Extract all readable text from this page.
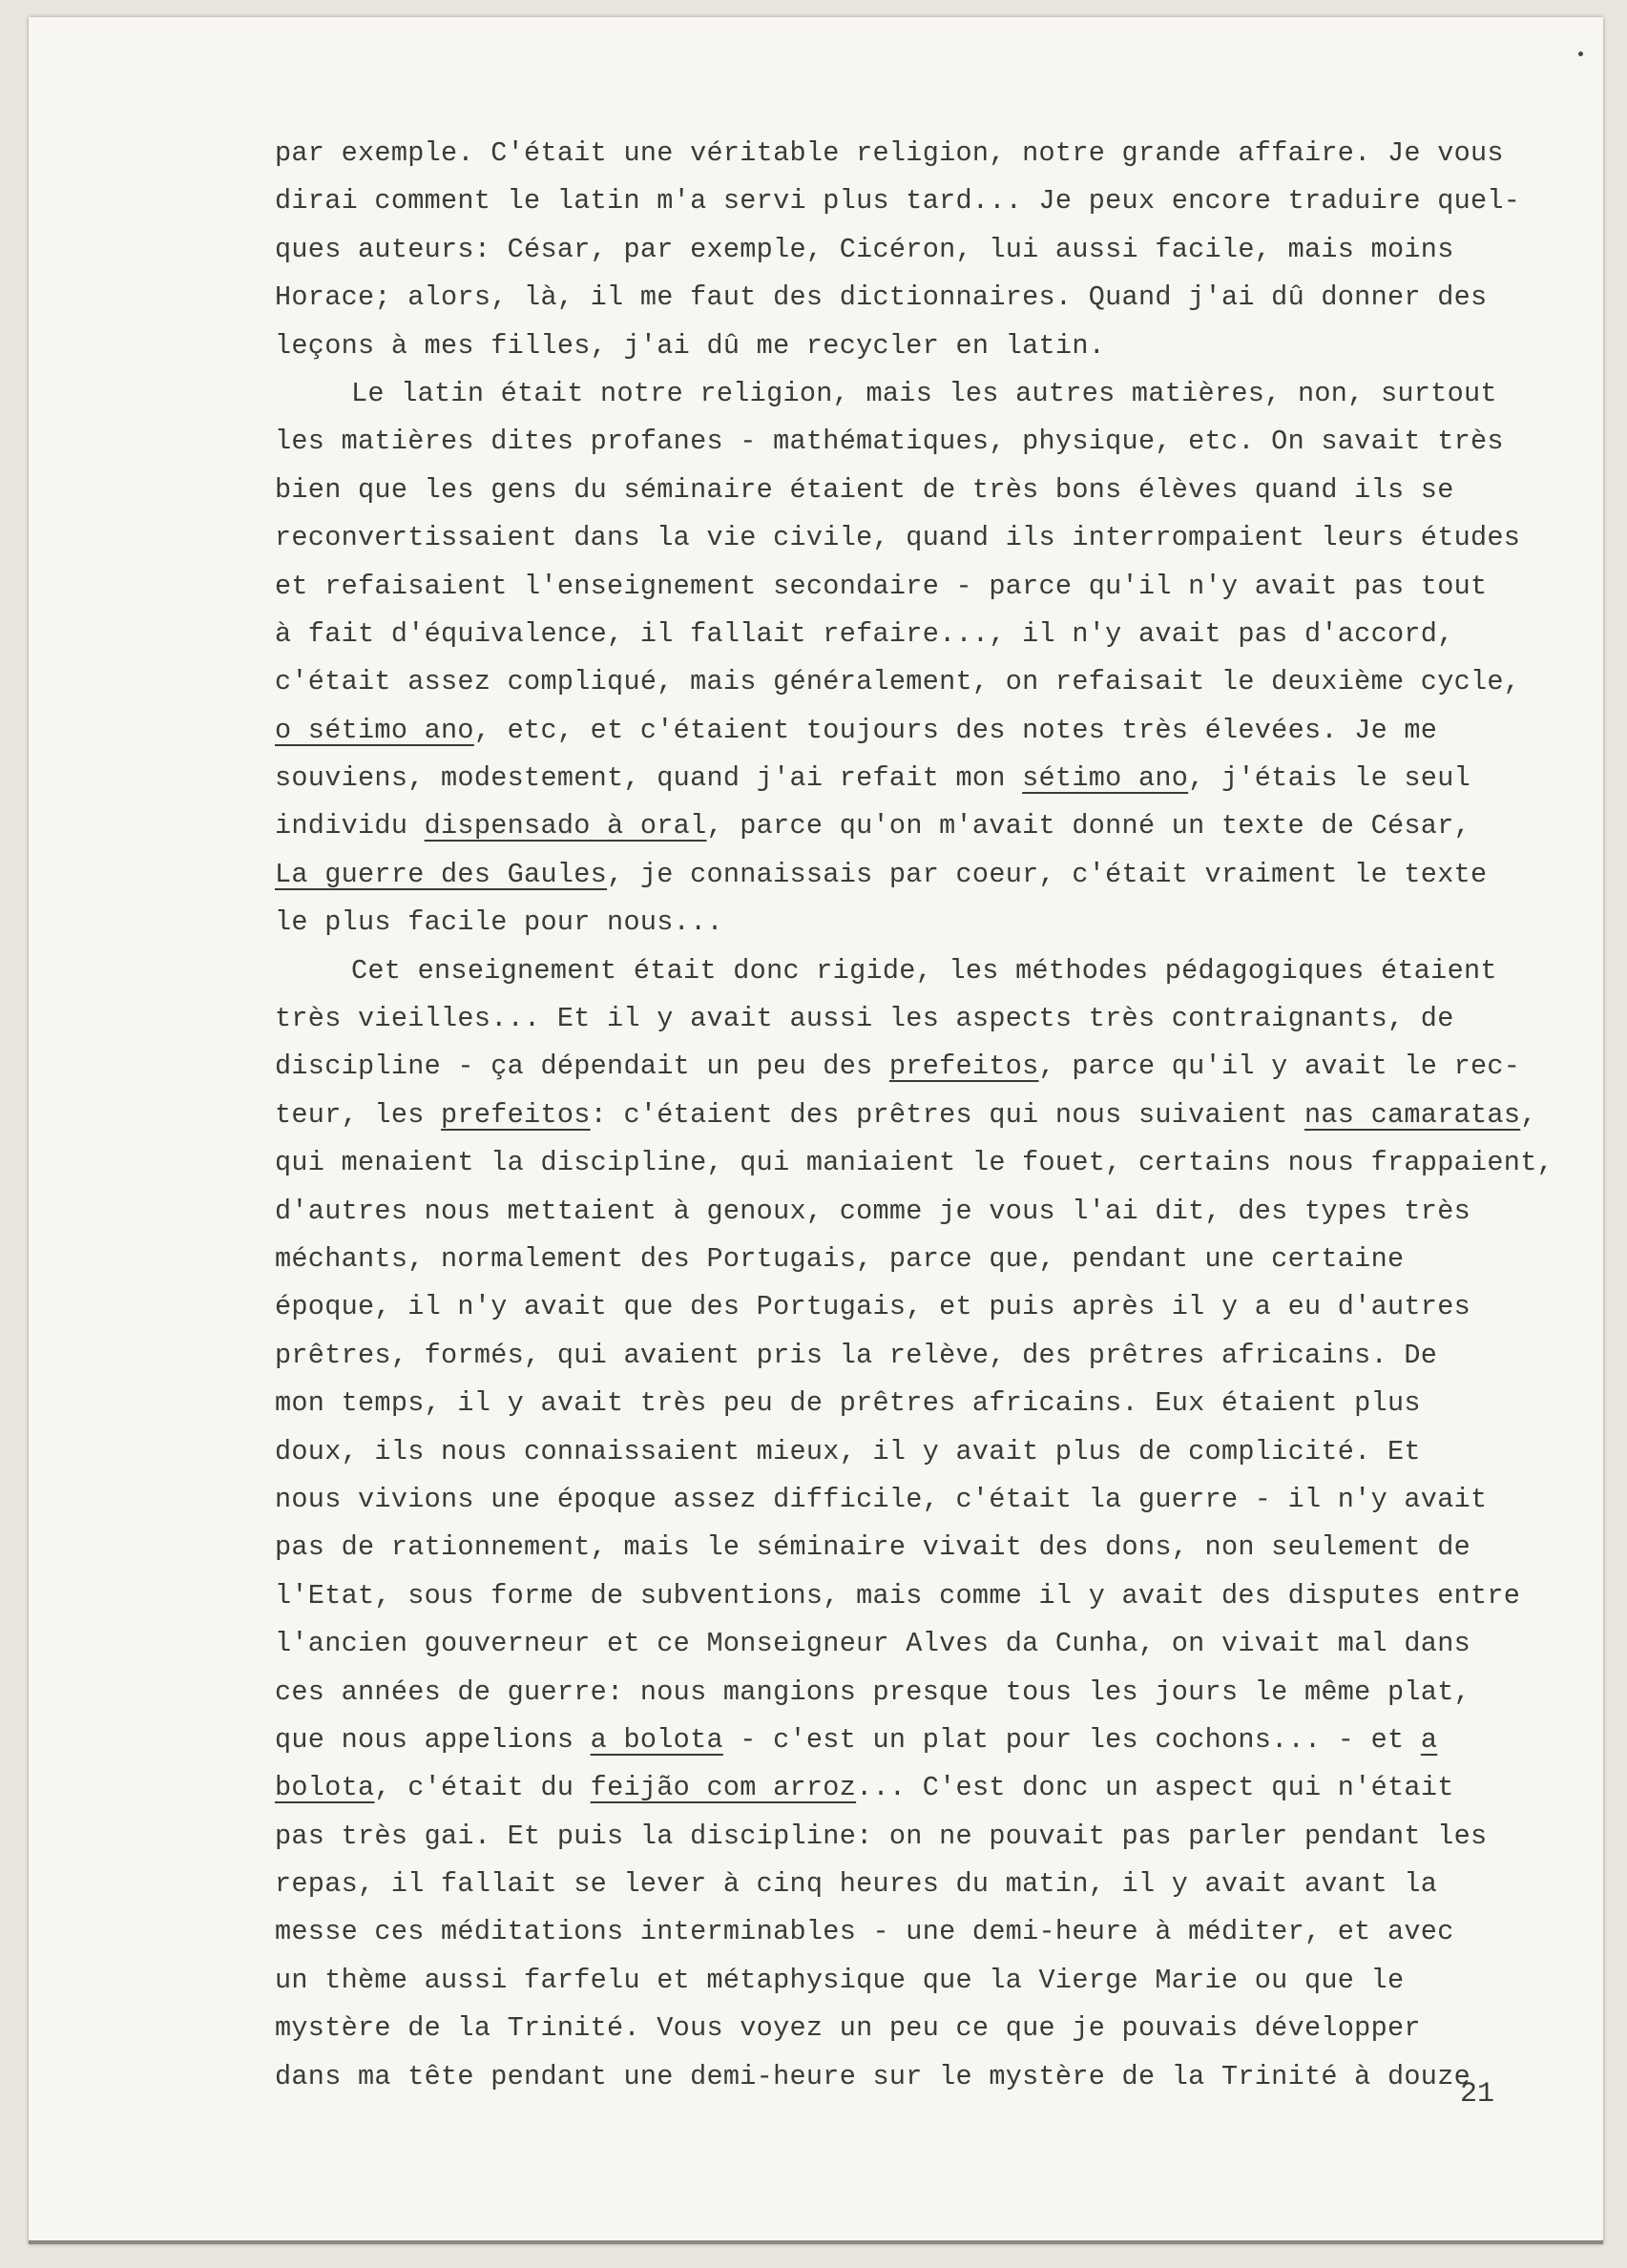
par exemple. C'était une véritable religion, notre grande affaire. Je vous
dirai comment le latin m'a servi plus tard... Je peux encore traduire quel-
ques auteurs: César, par exemple, Cicéron, lui aussi facile, mais moins
Horace; alors, là, il me faut des dictionnaires. Quand j'ai dû donner des
leçons à mes filles, j'ai dû me recycler en latin.
Le latin était notre religion, mais les autres matières, non, surtout
les matières dites profanes - mathématiques, physique, etc. On savait très
bien que les gens du séminaire étaient de très bons élèves quand ils se
reconvertissaient dans la vie civile, quand ils interrompaient leurs études
et refaisaient l'enseignement secondaire - parce qu'il n'y avait pas tout
à fait d'équivalence, il fallait refaire..., il n'y avait pas d'accord,
c'était assez compliqué, mais généralement, on refaisait le deuxième cycle,
o sétimo ano, etc, et c'étaient toujours des notes très élevées. Je me
souviens, modestement, quand j'ai refait mon sétimo ano, j'étais le seul
individu dispensado à oral, parce qu'on m'avait donné un texte de César,
La guerre des Gaules, je connaissais par coeur, c'était vraiment le texte
le plus facile pour nous...
Cet enseignement était donc rigide, les méthodes pédagogiques étaient
très vieilles... Et il y avait aussi les aspects très contraignants, de
discipline - ça dépendait un peu des prefeitos, parce qu'il y avait le rec-
teur, les prefeitos: c'étaient des prêtres qui nous suivaient nas camaratas,
qui menaient la discipline, qui maniaient le fouet, certains nous frappaient,
d'autres nous mettaient à genoux, comme je vous l'ai dit, des types très
méchants, normalement des Portugais, parce que, pendant une certaine
époque, il n'y avait que des Portugais, et puis après il y a eu d'autres
prêtres, formés, qui avaient pris la relève, des prêtres africains. De
mon temps, il y avait très peu de prêtres africains. Eux étaient plus
doux, ils nous connaissaient mieux, il y avait plus de complicité. Et
nous vivions une époque assez difficile, c'était la guerre - il n'y avait
pas de rationnement, mais le séminaire vivait des dons, non seulement de
l'Etat, sous forme de subventions, mais comme il y avait des disputes entre
l'ancien gouverneur et ce Monseigneur Alves da Cunha, on vivait mal dans
ces années de guerre: nous mangions presque tous les jours le même plat,
que nous appelions a bolota - c'est un plat pour les cochons... - et a
bolota, c'était du feijão com arroz... C'est donc un aspect qui n'était
pas très gai. Et puis la discipline: on ne pouvait pas parler pendant les
repas, il fallait se lever à cinq heures du matin, il y avait avant la
messe ces méditations interminables - une demi-heure à méditer, et avec
un thème aussi farfelu et métaphysique que la Vierge Marie ou que le
mystère de la Trinité. Vous voyez un peu ce que je pouvais développer
dans ma tête pendant une demi-heure sur le mystère de la Trinité à douze
21
